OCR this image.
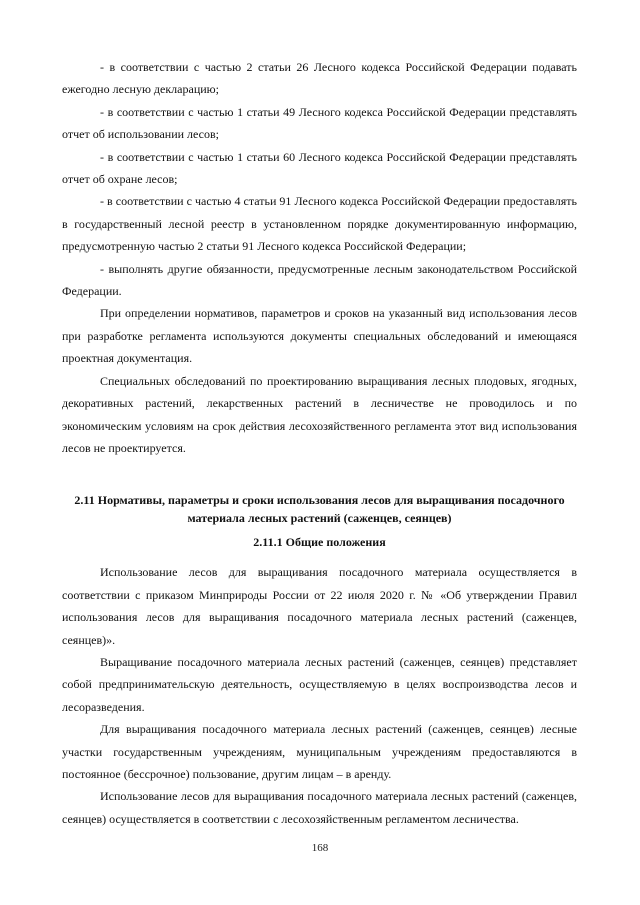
- в соответствии с частью 2 статьи 26 Лесного кодекса Российской Федерации подавать ежегодно лесную декларацию;

- в соответствии с частью 1 статьи 49 Лесного кодекса Российской Федерации представлять отчет об использовании лесов;

- в соответствии с частью 1 статьи 60 Лесного кодекса Российской Федерации представлять отчет об охране лесов;

- в соответствии с частью 4 статьи 91 Лесного кодекса Российской Федерации предоставлять в государственный лесной реестр в установленном порядке документированную информацию, предусмотренную частью 2 статьи 91 Лесного кодекса Российской Федерации;

- выполнять другие обязанности, предусмотренные лесным законодательством Российской Федерации.

При определении нормативов, параметров и сроков на указанный вид использования лесов при разработке регламента используются документы специальных обследований и имеющаяся проектная документация.

Специальных обследований по проектированию выращивания лесных плодовых, ягодных, декоративных растений, лекарственных растений в лесничестве не проводилось и по экономическим условиям на срок действия лесохозяйственного регламента этот вид использования лесов не проектируется.

2.11 Нормативы, параметры и сроки использования лесов для выращивания посадочного материала лесных растений (саженцев, сеянцев)
2.11.1 Общие положения

Использование лесов для выращивания посадочного материала осуществляется в соответствии с приказом Минприроды России от 22 июля 2020 г. № «Об утверждении Правил использования лесов для выращивания посадочного материала лесных растений (саженцев, сеянцев)».

Выращивание посадочного материала лесных растений (саженцев, сеянцев) представляет собой предпринимательскую деятельность, осуществляемую в целях воспроизводства лесов и лесоразведения.

Для выращивания посадочного материала лесных растений (саженцев, сеянцев) лесные участки государственным учреждениям, муниципальным учреждениям предоставляются в постоянное (бессрочное) пользование, другим лицам – в аренду.

Использование лесов для выращивания посадочного материала лесных растений (саженцев, сеянцев) осуществляется в соответствии с лесохозяйственным регламентом лесничества.

168
